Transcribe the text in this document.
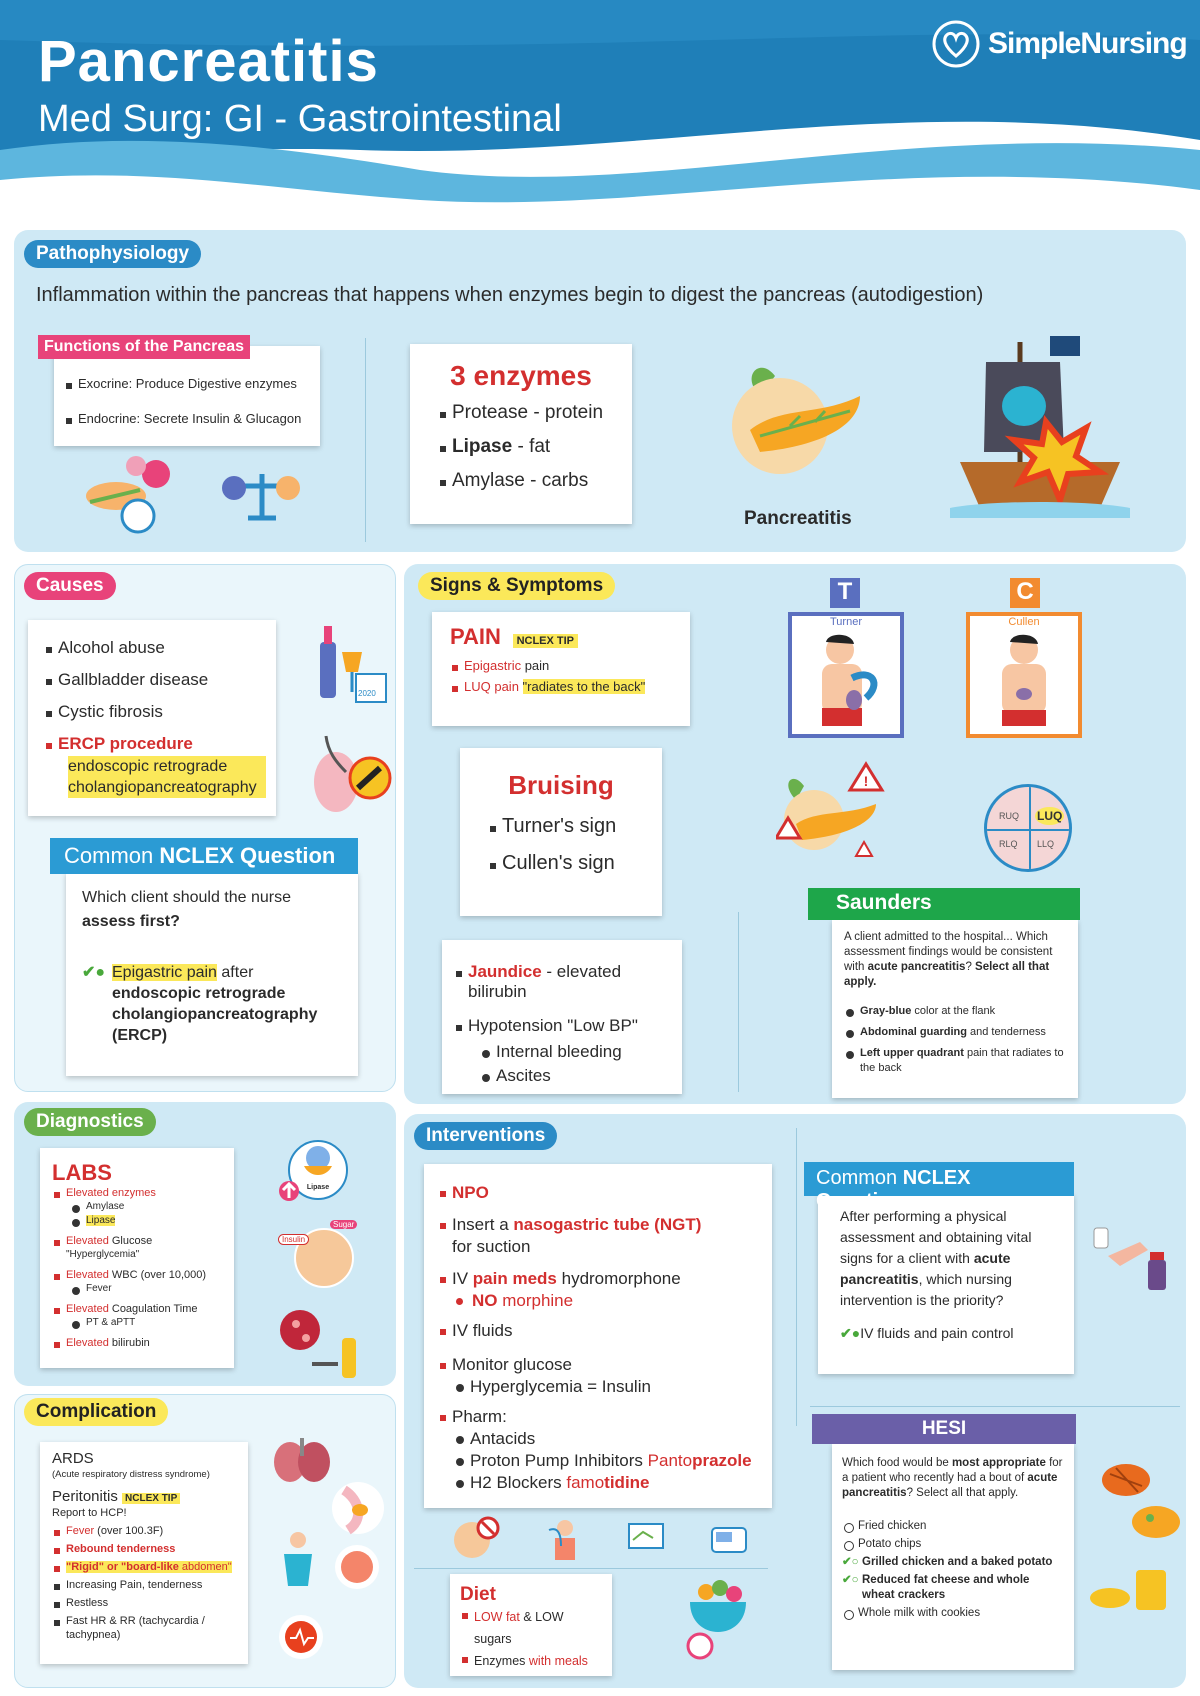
Pancreatitis
Med Surg: GI - Gastrointestinal
SimpleNursing
Pathophysiology
Inflammation within the pancreas that happens when enzymes begin to digest the pancreas (autodigestion)
Exocrine: Produce Digestive enzymes
Endocrine: Secrete Insulin & Glucagon
Functions of the Pancreas
3 enzymes
Protease - protein
Lipase - fat
Amylase - carbs
Pancreatitis
Causes
Alcohol abuse
Gallbladder disease
Cystic fibrosis
ERCP procedure
endoscopic retrograde cholangiopancreatography
2020
Which client should the nurse assess first?
✔● Epigastric pain after
endoscopic retrograde cholangiopancreatography (ERCP)
Common NCLEX Question
Signs & Symptoms
PAIN NCLEX TIP
Epigastric pain
LUQ pain "radiates to the back"
Bruising
Turner's sign
Cullen's sign
Jaundice - elevated bilirubin
Hypotension "Low BP"
Internal bleeding
Ascites
T
Turner
C
Cullen
!
RUQ LUQ
RLQ LLQ
A client admitted to the hospital... Which assessment findings would be consistent with acute pancreatitis? Select all that apply.
Gray-blue color at the flank
Abdominal guarding and tenderness
Left upper quadrant pain that radiates to the back
Saunders
Diagnostics
LABS
Elevated enzymes
Amylase
Lipase
Elevated Glucose
"Hyperglycemia"
Elevated WBC (over 10,000)
Fever
Elevated Coagulation Time
PT & aPTT
Elevated bilirubin
Lipase
Insulin
Sugar
Complication
ARDS
(Acute respiratory distress syndrome)
Peritonitis NCLEX TIP
Report to HCP!
Fever (over 100.3F)
Rebound tenderness
"Rigid" or "board-like abdomen"
Increasing Pain, tenderness
Restless
Fast HR & RR (tachycardia / tachypnea)
Interventions
NPO
Insert a nasogastric tube (NGT)
for suction
IV pain meds hydromorphone
NO morphine
IV fluids
Monitor glucose
Hyperglycemia = Insulin
Pharm:
Antacids
Proton Pump Inhibitors Pantoprazole
H2 Blockers famotidine
Diet
LOW fat & LOW sugars
Enzymes with meals
After performing a physical assessment and obtaining vital signs for a client with acute pancreatitis, which nursing intervention is the priority?
✔●IV fluids and pain control
Common NCLEX Question
Which food would be most appropriate for a patient who recently had a bout of acute pancreatitis? Select all that apply.
Fried chicken
Potato chips
✔○ Grilled chicken and a baked potato
✔○ Reduced fat cheese and whole wheat crackers
Whole milk with cookies
HESI
